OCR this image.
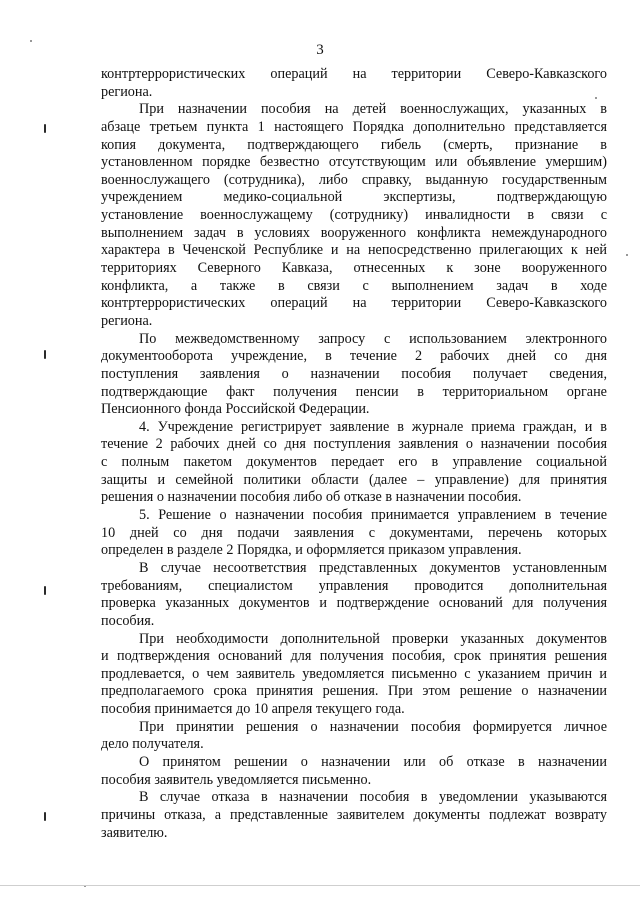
3
контртеррористических операций на территории Северо-Кавказского
региона.
При назначении пособия на детей военнослужащих, указанных в
абзаце третьем пункта 1 настоящего Порядка дополнительно представляется
копия документа, подтверждающего гибель (смерть, признание в
установленном порядке безвестно отсутствующим или объявление умершим)
военнослужащего (сотрудника), либо справку, выданную государственным
учреждением медико-социальной экспертизы, подтверждающую
установление военнослужащему (сотруднику) инвалидности в связи с
выполнением задач в условиях вооруженного конфликта немеждународного
характера в Чеченской Республике и на непосредственно прилегающих к ней
территориях Северного Кавказа, отнесенных к зоне вооруженного
конфликта, а также в связи с выполнением задач в ходе
контртеррористических операций на территории Северо-Кавказского
региона.
По межведомственному запросу с использованием электронного
документооборота учреждение, в течение 2 рабочих дней со дня
поступления заявления о назначении пособия получает сведения,
подтверждающие факт получения пенсии в территориальном органе
Пенсионного фонда Российской Федерации.
4. Учреждение регистрирует заявление в журнале приема граждан, и в
течение 2 рабочих дней со дня поступления заявления о назначении пособия
с полным пакетом документов передает его в управление социальной
защиты и семейной политики области (далее – управление) для принятия
решения о назначении пособия либо об отказе в назначении пособия.
5. Решение о назначении пособия принимается управлением в течение
10 дней со дня подачи заявления с документами, перечень которых
определен в разделе 2 Порядка, и оформляется приказом управления.
В случае несоответствия представленных документов установленным
требованиям, специалистом управления проводится дополнительная
проверка указанных документов и подтверждение оснований для получения
пособия.
При необходимости дополнительной проверки указанных документов
и подтверждения оснований для получения пособия, срок принятия решения
продлевается, о чем заявитель уведомляется письменно с указанием причин и
предполагаемого срока принятия решения. При этом решение о назначении
пособия принимается до 10 апреля текущего года.
При принятии решения о назначении пособия формируется личное
дело получателя.
О принятом решении о назначении или об отказе в назначении
пособия заявитель уведомляется письменно.
В случае отказа в назначении пособия в уведомлении указываются
причины отказа, а представленные заявителем документы подлежат возврату
заявителю.
